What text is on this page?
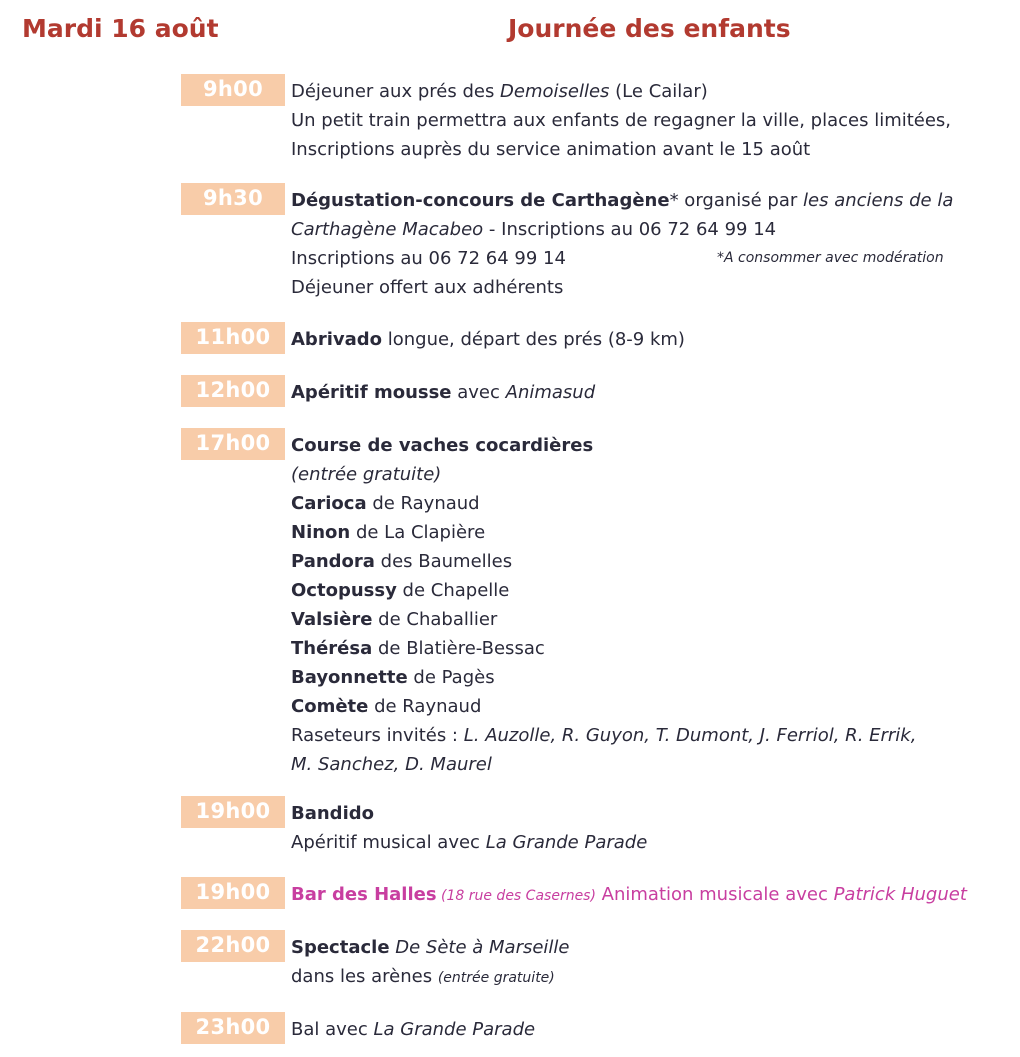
Mardi 16 août	Journée des enfants
9h00	Déjeuner aux prés des Demoiselles (Le Cailar)
Un petit train permettra aux enfants de regagner la ville, places limitées,
Inscriptions auprès du service animation avant le 15 août
9h30	Dégustation-concours de Carthagène* organisé par les anciens de la
Carthagène Macabeo - Inscriptions au 06 72 64 99 14
Inscriptions au 06 72 64 99 14	*A consommer avec modération
Déjeuner offert aux adhérents
11h00	Abrivado longue, départ des prés (8-9 km)
12h00	Apéritif mousse avec Animasud
17h00	Course de vaches cocardières
(entrée gratuite)
Carioca de Raynaud
Ninon de La Clapière
Pandora des Baumelles
Octopussy de Chapelle
Valsière de Chaballier
Thérésa de Blatière-Bessac
Bayonnette de Pagès
Comète de Raynaud
Raseteurs invités : L. Auzolle, R. Guyon, T. Dumont, J. Ferriol, R. Errik,
M. Sanchez, D. Maurel
19h00	Bandido
Apéritif musical avec La Grande Parade
19h00	Bar des Halles (18 rue des Casernes) Animation musicale avec Patrick Huguet
22h00	Spectacle De Sète à Marseille
dans les arènes (entrée gratuite)
23h00	Bal avec La Grande Parade
